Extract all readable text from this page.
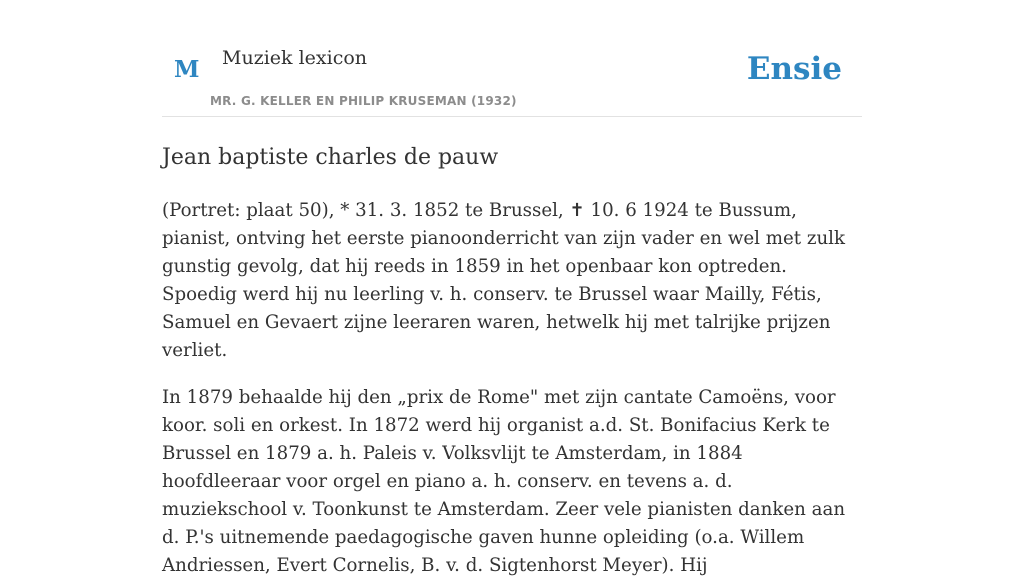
M Muziek lexicon
MR. G. KELLER EN PHILIP KRUSEMAN (1932)
Ensie
Jean baptiste charles de pauw

(Portret: plaat 50), * 31. 3. 1852 te Brussel, ✝ 10. 6 1924 te Bussum, pianist, ontving het eerste pianoonderricht van zijn vader en wel met zulk gunstig gevolg, dat hij reeds in 1859 in het openbaar kon optreden. Spoedig werd hij nu leerling v. h. conserv. te Brussel waar Mailly, Fétis, Samuel en Gevaert zijne leeraren waren, hetwelk hij met talrijke prijzen verliet.

In 1879 behaalde hij den „prix de Rome" met zijn cantate Camoëns, voor koor. soli en orkest. In 1872 werd hij organist a.d. St. Bonifacius Kerk te Brussel en 1879 a. h. Paleis v. Volksvlijt te Amsterdam, in 1884 hoofdleeraar voor orgel en piano a. h. conserv. en tevens a. d. muziekschool v. Toonkunst te Amsterdam. Zeer vele pianisten danken aan d. P.'s uitnemende paedagogische gaven hunne opleiding (o.a. Willem Andriessen, Evert Cornelis, B. v. d. Sigtenhorst Meyer). Hij
